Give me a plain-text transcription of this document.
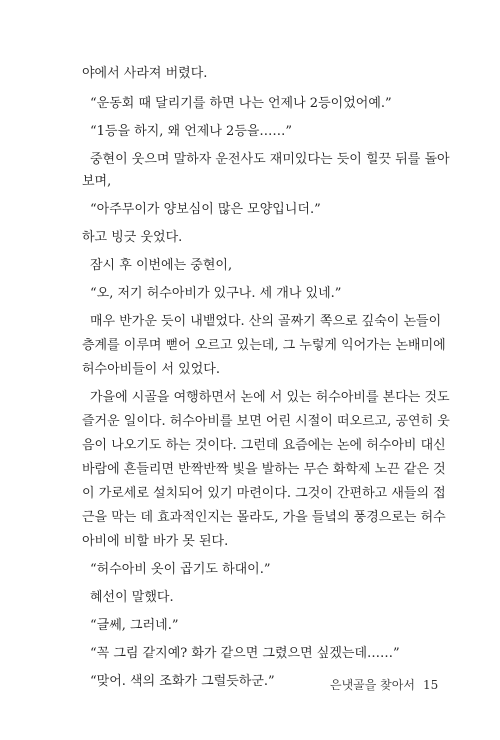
야에서 사라져 버렸다.
“운동회 때 달리기를 하면 나는 언제나 2등이었어예.”
“1등을 하지, 왜 언제나 2등을……”
중현이 웃으며 말하자 운전사도 재미있다는 듯이 힐끗 뒤를 돌아
보며,
“아주무이가 양보심이 많은 모양입니더.”
하고 빙긋 웃었다.
잠시 후 이번에는 중현이,
“오, 저기 허수아비가 있구나. 세 개나 있네.”
매우 반가운 듯이 내뱉었다. 산의 골짜기 쪽으로 깊숙이 논들이
층계를 이루며 뻗어 오르고 있는데, 그 누렇게 익어가는 논배미에
허수아비들이 서 있었다.
가을에 시골을 여행하면서 논에 서 있는 허수아비를 본다는 것도
즐거운 일이다. 허수아비를 보면 어린 시절이 떠오르고, 공연히 웃
음이 나오기도 하는 것이다. 그런데 요즘에는 논에 허수아비 대신
바람에 흔들리면 반짝반짝 빛을 발하는 무슨 화학제 노끈 같은 것
이 가로세로 설치되어 있기 마련이다. 그것이 간편하고 새들의 접
근을 막는 데 효과적인지는 몰라도, 가을 들녘의 풍경으로는 허수
아비에 비할 바가 못 된다.
“허수아비 옷이 곱기도 하대이.”
혜선이 말했다.
“글쎄, 그러네.”
“꼭 그림 같지예? 화가 같으면 그렸으면 싶겠는데……”
“맞어. 색의 조화가 그럴듯하군.”	은냇골을 찾아서 15
